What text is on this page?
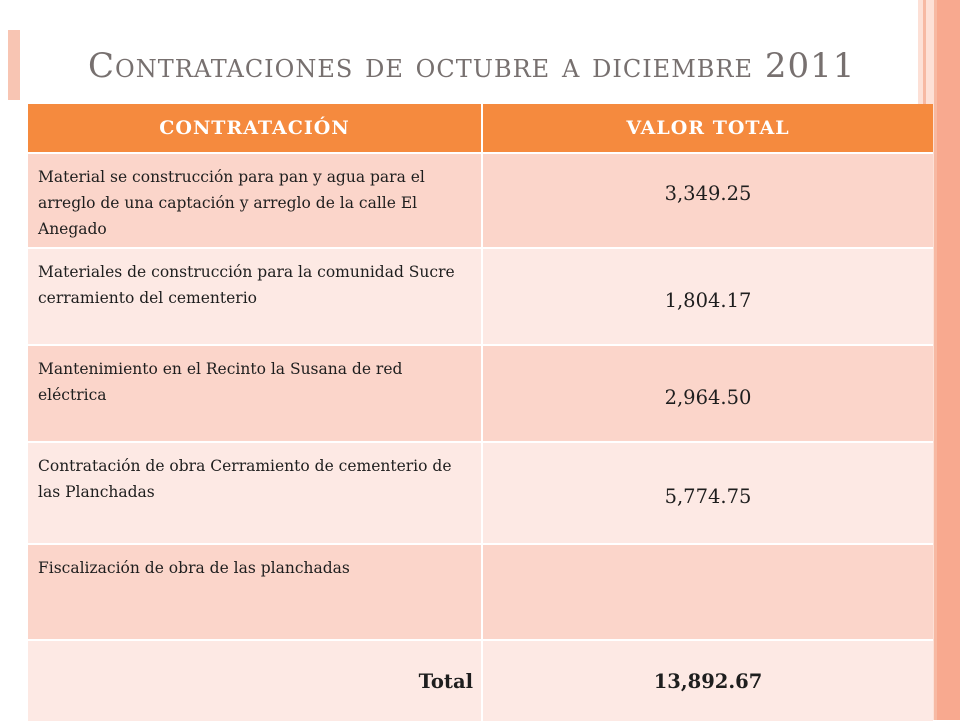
Contrataciones de octubre a diciembre 2011
CONTRATACIÓN	VALOR TOTAL

Material se construcción para pan y agua para el arreglo de una captación y arreglo de la calle El Anegado	3,349.25

Materiales de construcción para la comunidad Sucre cerramiento del cementerio	1,804.17

Mantenimiento en el Recinto la Susana de red eléctrica	2,964.50

Contratación de obra Cerramiento de cementerio de las Planchadas	5,774.75

Fiscalización de obra de las planchadas	

Total	13,892.67
